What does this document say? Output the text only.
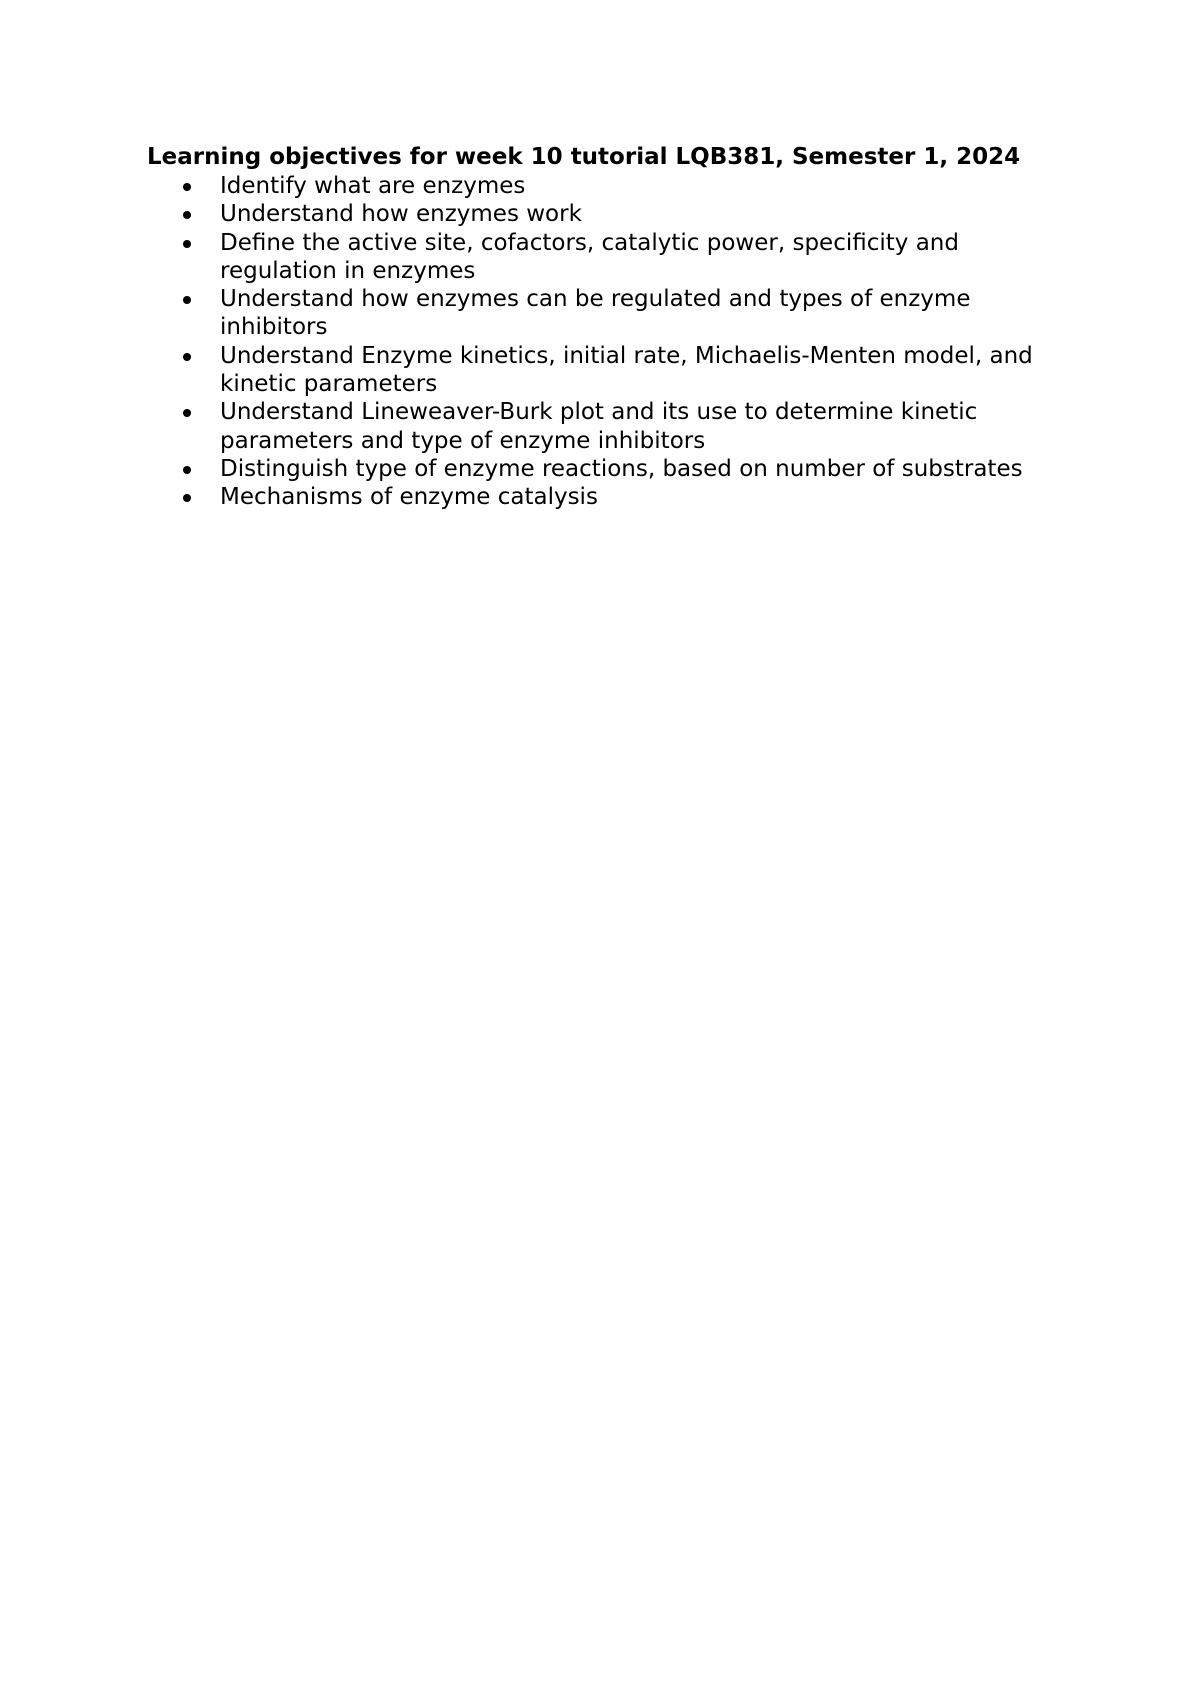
Learning objectives for week 10 tutorial LQB381, Semester 1, 2024
Identify what are enzymes
Understand how enzymes work
Define the active site, cofactors, catalytic power, specificity and regulation in enzymes
Understand how enzymes can be regulated and types of enzyme inhibitors
Understand Enzyme kinetics, initial rate, Michaelis-Menten model, and kinetic parameters
Understand Lineweaver-Burk plot and its use to determine kinetic parameters and type of enzyme inhibitors
Distinguish type of enzyme reactions, based on number of substrates
Mechanisms of enzyme catalysis
